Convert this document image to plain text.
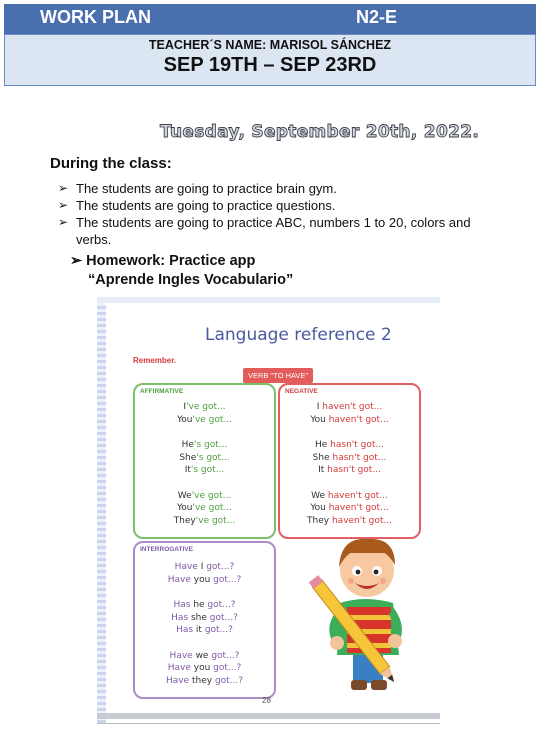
WORK PLAN	N2-E
TEACHER´S NAME: MARISOL SÁNCHEZ
SEP 19TH – SEP 23RD
Tuesday, September 20th, 2022.
During the class:
➢ The students are going to practice brain gym.
➢ The students are going to practice questions.
➢ The students are going to practice ABC, numbers 1 to 20, colors and verbs.
➢ Homework: Practice app
“Aprende Ingles Vocabulario”
Language reference 2
Remember.
VERB "TO HAVE"
AFFIRMATIVE
I've got...
You've got...
He's got...
She's got...
It's got...
We've got...
You've got...
They've got...
NEGATIVE
I haven't got...
You haven't got...
He hasn't got...
She hasn't got...
It hasn't got...
We haven't got...
You haven't got...
They haven't got...
INTERROGATIVE
Have I got...?
Have you got...?
Has he got...?
Has she got...?
Has it got...?
Have we got...?
Have you got...?
Have they got...?
28
